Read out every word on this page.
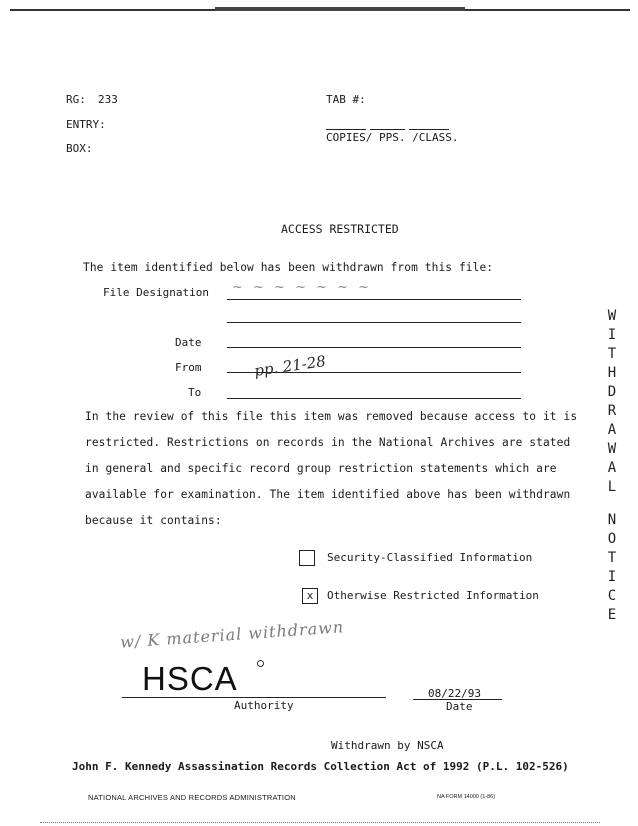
RG: 233
ENTRY:
BOX:
TAB #:
COPIES/ PPS. /CLASS.
ACCESS RESTRICTED
The item identified below has been withdrawn from this file:
File Designation ~ ~ ~ ~ ~ ~ ~
Date
From	pp. 21-28
To
In the review of this file this item was removed because access to it is
restricted. Restrictions on records in the National Archives are stated
in general and specific record group restriction statements which are
available for examination. The item identified above has been withdrawn
because it contains:
Security-Classified Information
x	Otherwise Restricted Information
w/ K material withdrawn
HSCA
Authority
08/22/93
Date
Withdrawn by NSCA
John F. Kennedy Assassination Records Collection Act of 1992 (P.L. 102-526)
NATIONAL ARCHIVES AND RECORDS ADMINISTRATION	NA FORM 14000 (1-86)
W
I
T
H
D
R
A
W
A
L
N
O
T
I
C
E
